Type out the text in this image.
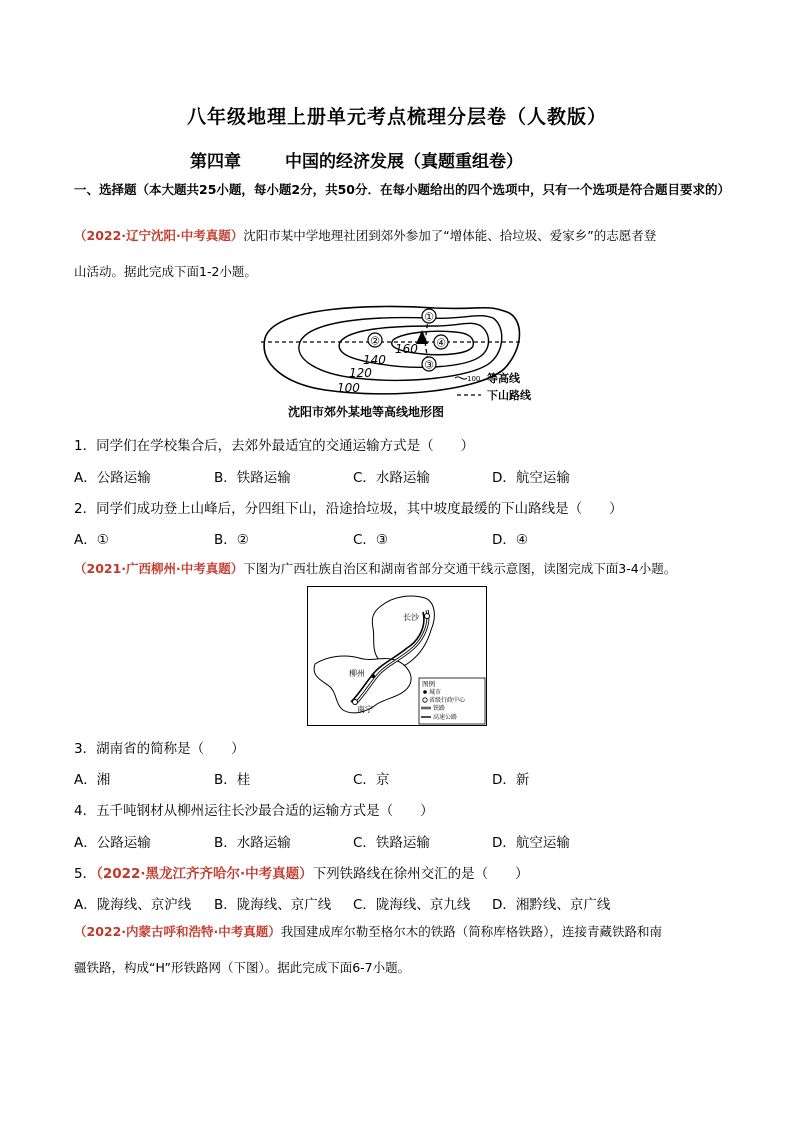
八年级地理上册单元考点梳理分层卷（人教版）
第四章	中国的经济发展（真题重组卷）
一、选择题（本大题共25小题，每小题2分，共50分．在每小题给出的四个选项中，只有一个选项是符合题目要求的）
（2022·辽宁沈阳·中考真题）沈阳市某中学地理社团到郊外参加了“增体能、拾垃圾、爱家乡”的志愿者登
山活动。据此完成下面1-2小题。
①
②
③
④
160
140
120
100
100 等高线
下山路线
沈阳市郊外某地等高线地形图
1．同学们在学校集合后，去郊外最适宜的交通运输方式是（　　）
A．公路运输	B．铁路运输	C．水路运输	D．航空运输
2．同学们成功登上山峰后，分四组下山，沿途拾垃圾，其中坡度最缓的下山路线是（　　）
A．①	B．②	C．③	D．④
（2021·广西柳州·中考真题）下图为广西壮族自治区和湖南省部分交通干线示意图，读图完成下面3-4小题。
长沙
柳州
南宁
图例
城市
省级行政中心
铁路
高速公路
3．湖南省的简称是（　　）
A．湘	B．桂	C．京	D．新
4．五千吨钢材从柳州运往长沙最合适的运输方式是（　　）
A．公路运输	B．水路运输	C．铁路运输	D．航空运输
5．（2022·黑龙江齐齐哈尔·中考真题）下列铁路线在徐州交汇的是（　　）
A．陇海线、京沪线 B．陇海线、京广线 C．陇海线、京九线 D．湘黔线、京广线
（2022·内蒙古呼和浩特·中考真题）我国建成库尔勒至格尔木的铁路（简称库格铁路），连接青藏铁路和南
疆铁路，构成“H”形铁路网（下图）。据此完成下面6-7小题。
